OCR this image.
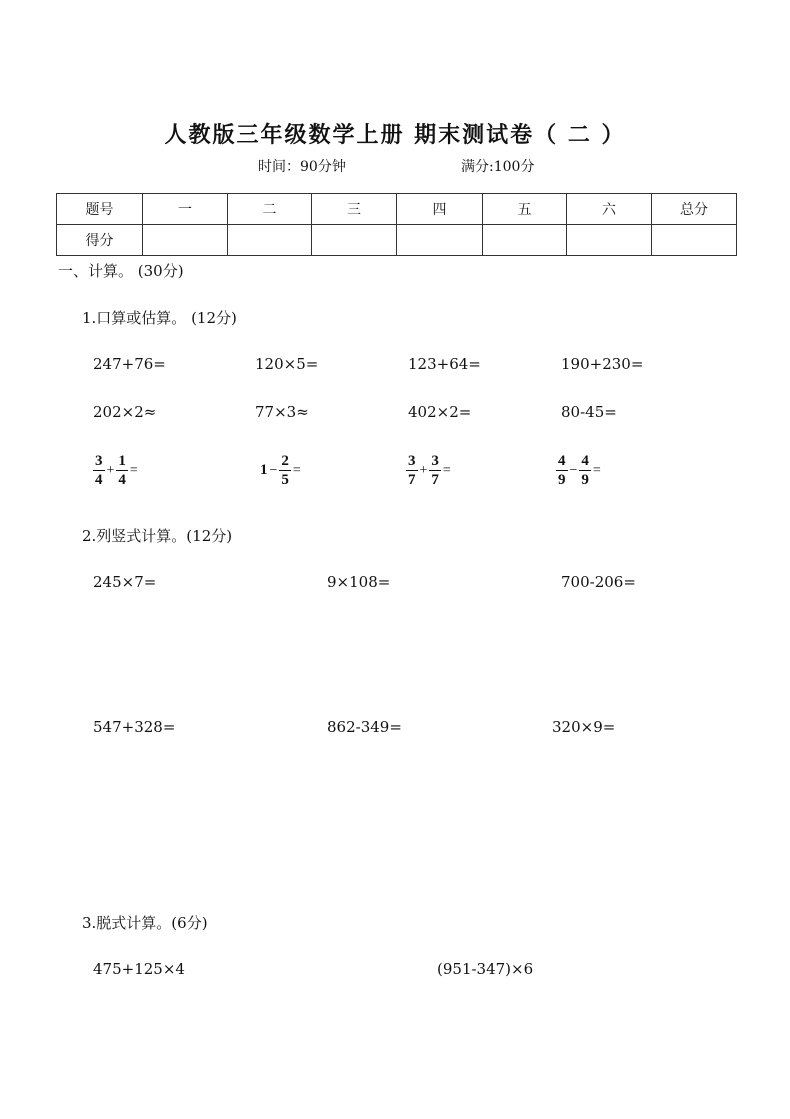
人教版三年级数学上册 期末测试卷（ 二 ）
时间：90分钟	满分:100分
题号	一	二	三	四	五	六	总分
得分							
一、计算。 (30分)
1.口算或估算。 (12分)
247+76=	120×5=	123+64=	190+230=
202×2≈	77×3≈	402×2=	80-45=
$\frac{3}{4} + \frac{1}{4}$ =	$1 - \frac{2}{5}$ =	$\frac{3}{7} + \frac{3}{7}$ =	$\frac{4}{9} - \frac{4}{9}$ =
2.列竖式计算。(12分)
245×7=	9×108=	700-206=
547+328=	862-349=	320×9=
3.脱式计算。(6分)
475+125×4	(951-347)×6
